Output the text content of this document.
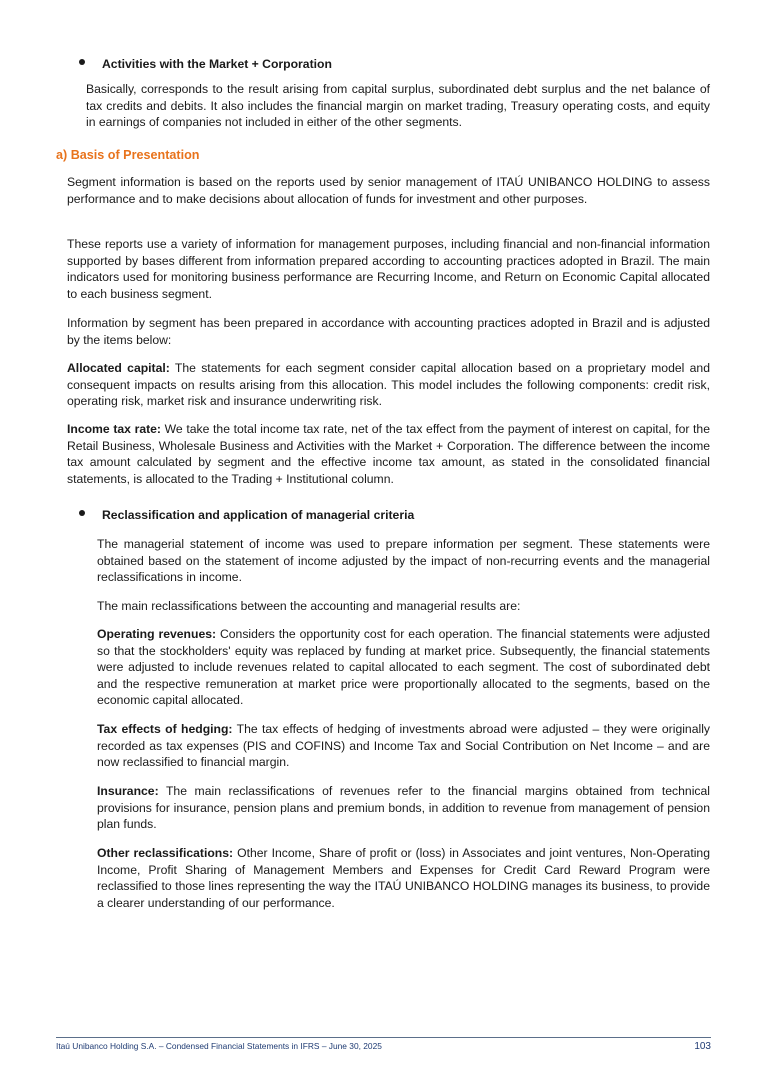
Activities with the Market + Corporation

Basically, corresponds to the result arising from capital surplus, subordinated debt surplus and the net balance of tax credits and debits. It also includes the financial margin on market trading, Treasury operating costs, and equity in earnings of companies not included in either of the other segments.

a) Basis of Presentation

Segment information is based on the reports used by senior management of ITAÚ UNIBANCO HOLDING to assess performance and to make decisions about allocation of funds for investment and other purposes.

These reports use a variety of information for management purposes, including financial and non-financial information supported by bases different from information prepared according to accounting practices adopted in Brazil. The main indicators used for monitoring business performance are Recurring Income, and Return on Economic Capital allocated to each business segment.

Information by segment has been prepared in accordance with accounting practices adopted in Brazil and is adjusted by the items below:

Allocated capital: The statements for each segment consider capital allocation based on a proprietary model and consequent impacts on results arising from this allocation. This model includes the following components: credit risk, operating risk, market risk and insurance underwriting risk.

Income tax rate: We take the total income tax rate, net of the tax effect from the payment of interest on capital, for the Retail Business, Wholesale Business and Activities with the Market + Corporation. The difference between the income tax amount calculated by segment and the effective income tax amount, as stated in the consolidated financial statements, is allocated to the Trading + Institutional column.

Reclassification and application of managerial criteria

The managerial statement of income was used to prepare information per segment. These statements were obtained based on the statement of income adjusted by the impact of non-recurring events and the managerial reclassifications in income.

The main reclassifications between the accounting and managerial results are:

Operating revenues: Considers the opportunity cost for each operation. The financial statements were adjusted so that the stockholders' equity was replaced by funding at market price. Subsequently, the financial statements were adjusted to include revenues related to capital allocated to each segment. The cost of subordinated debt and the respective remuneration at market price were proportionally allocated to the segments, based on the economic capital allocated.

Tax effects of hedging: The tax effects of hedging of investments abroad were adjusted – they were originally recorded as tax expenses (PIS and COFINS) and Income Tax and Social Contribution on Net Income – and are now reclassified to financial margin.

Insurance: The main reclassifications of revenues refer to the financial margins obtained from technical provisions for insurance, pension plans and premium bonds, in addition to revenue from management of pension plan funds.

Other reclassifications: Other Income, Share of profit or (loss) in Associates and joint ventures, Non-Operating Income, Profit Sharing of Management Members and Expenses for Credit Card Reward Program were reclassified to those lines representing the way the ITAÚ UNIBANCO HOLDING manages its business, to provide a clearer understanding of our performance.

Itaú Unibanco Holding S.A. – Condensed Financial Statements in IFRS – June 30, 2025	103
